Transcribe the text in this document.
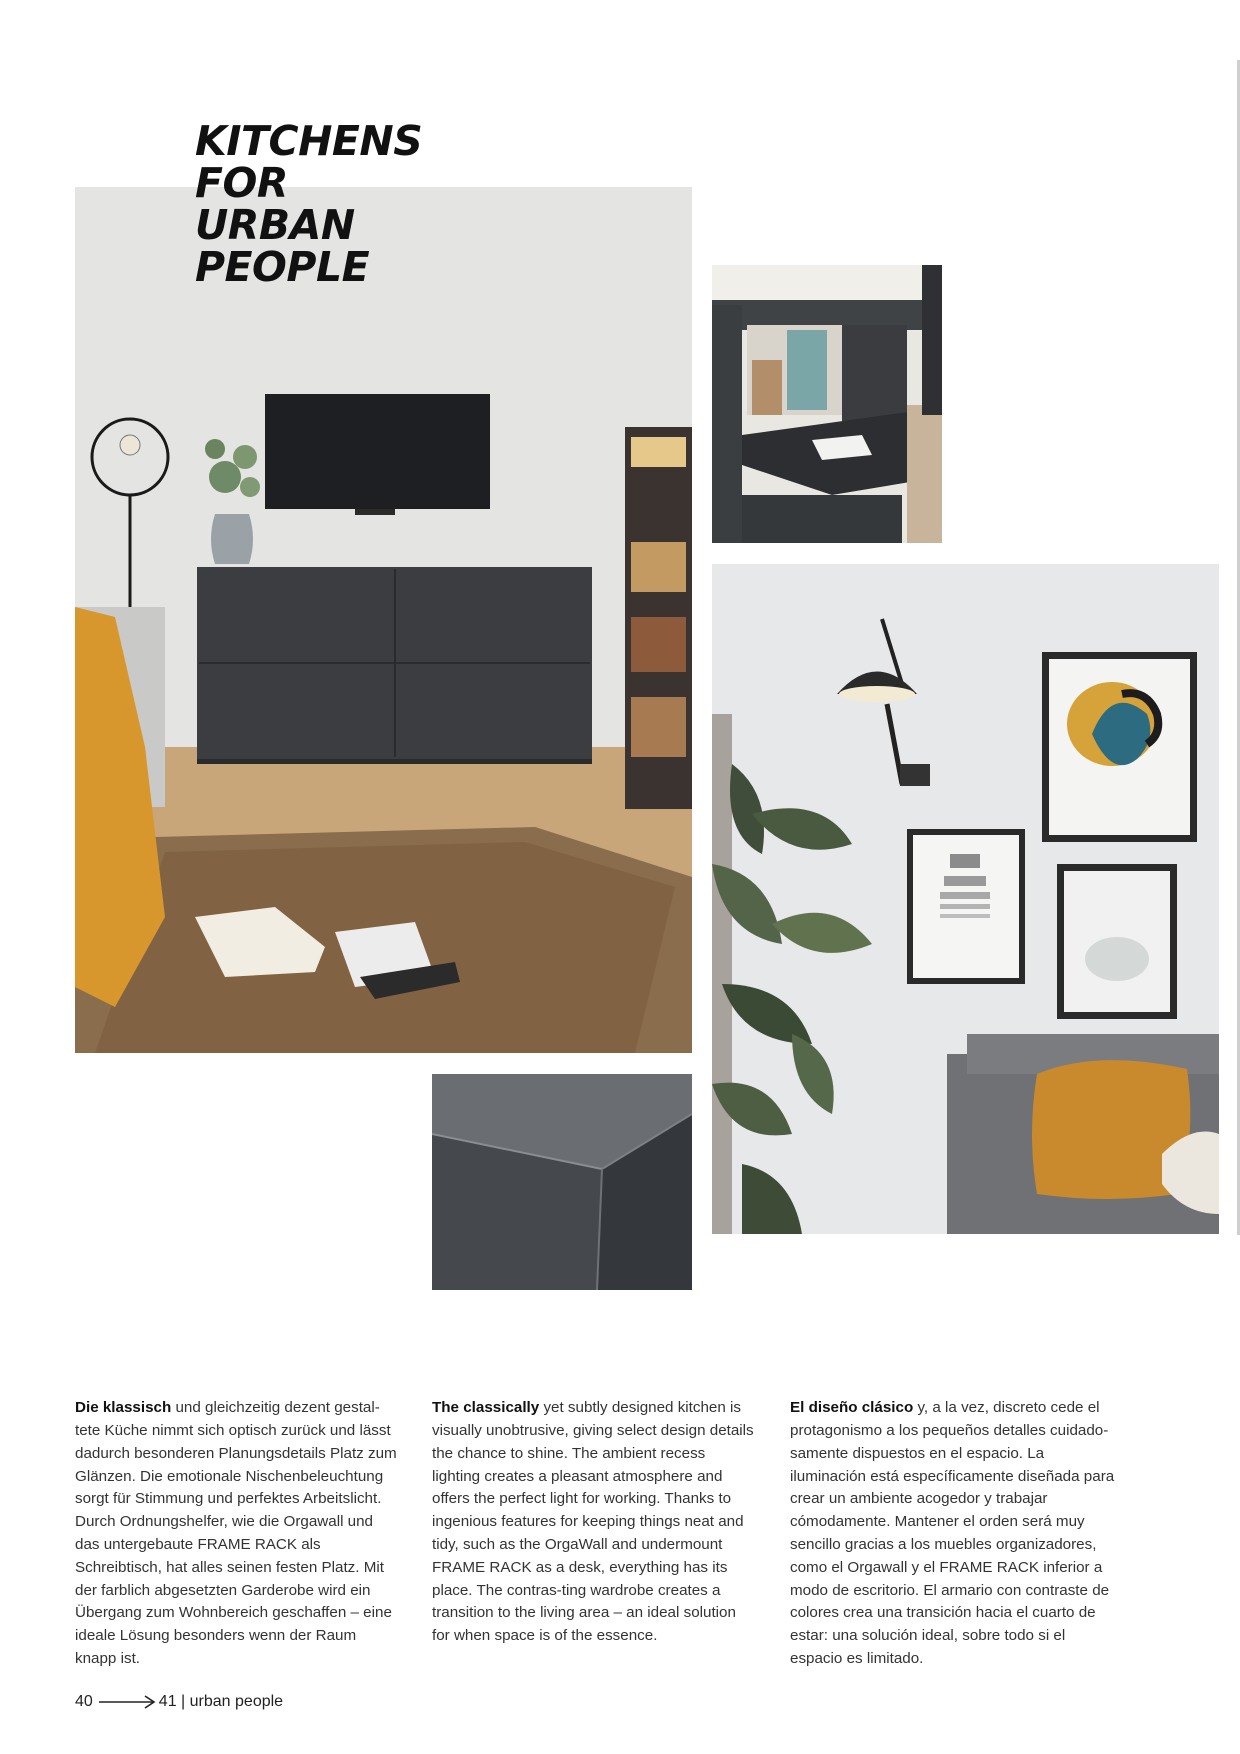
KITCHENS
FOR
URBAN
PEOPLE

Die klassisch und gleichzeitig dezent gestal-tete Küche nimmt sich optisch zurück und lässt dadurch besonderen Planungsdetails Platz zum Glänzen. Die emotionale Nischenbeleuchtung sorgt für Stimmung und perfektes Arbeitslicht. Durch Ordnungshelfer, wie die Orgawall und das untergebaute FRAME RACK als Schreibtisch, hat alles seinen festen Platz. Mit der farblich abgesetzten Garderobe wird ein Übergang zum Wohnbereich geschaffen – eine ideale Lösung besonders wenn der Raum knapp ist.

The classically yet subtly designed kitchen is visually unobtrusive, giving select design details the chance to shine. The ambient recess lighting creates a pleasant atmosphere and offers the perfect light for working. Thanks to ingenious features for keeping things neat and tidy, such as the OrgaWall and undermount FRAME RACK as a desk, everything has its place. The contras-ting wardrobe creates a transition to the living area – an ideal solution for when space is of the essence.

El diseño clásico y, a la vez, discreto cede el protagonismo a los pequeños detalles cuidado-samente dispuestos en el espacio. La iluminación está específicamente diseñada para crear un ambiente acogedor y trabajar cómodamente. Mantener el orden será muy sencillo gracias a los muebles organizadores, como el Orgawall y el FRAME RACK inferior a modo de escritorio. El armario con contraste de colores crea una transición hacia el cuarto de estar: una solución ideal, sobre todo si el espacio es limitado.

40	41
| urban people
